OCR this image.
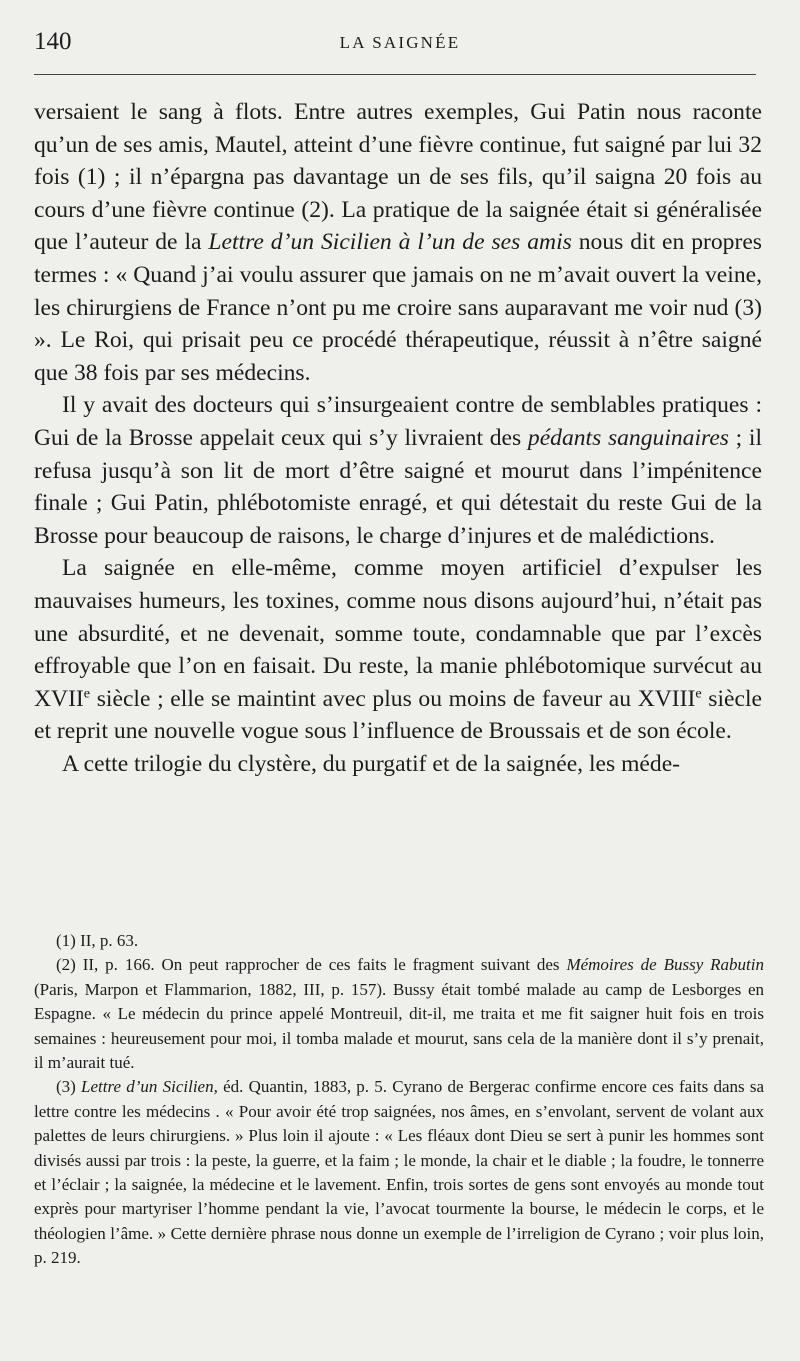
140	LA SAIGNÉE

versaient le sang à flots. Entre autres exemples, Gui Patin nous raconte qu’un de ses amis, Mautel, atteint d’une fièvre continue, fut saigné par lui 32 fois (1) ; il n’épargna pas davantage un de ses fils, qu’il saigna 20 fois au cours d’une fièvre continue (2). La pratique de la saignée était si généralisée que l’auteur de la Lettre d’un Sicilien à l’un de ses amis nous dit en propres termes : « Quand j’ai voulu assurer que jamais on ne m’avait ouvert la veine, les chirurgiens de France n’ont pu me croire sans auparavant me voir nud (3) ». Le Roi, qui prisait peu ce procédé thérapeutique, réussit à n’être saigné que 38 fois par ses médecins.

Il y avait des docteurs qui s’insurgeaient contre de semblables pratiques : Gui de la Brosse appelait ceux qui s’y livraient des pédants sanguinaires ; il refusa jusqu’à son lit de mort d’être saigné et mourut dans l’impénitence finale ; Gui Patin, phlébotomiste enragé, et qui détestait du reste Gui de la Brosse pour beaucoup de raisons, le charge d’injures et de malédictions.

La saignée en elle-même, comme moyen artificiel d’expulser les mauvaises humeurs, les toxines, comme nous disons aujourd’hui, n’était pas une absurdité, et ne devenait, somme toute, condamnable que par l’excès effroyable que l’on en faisait. Du reste, la manie phlébotomique survécut au XVIIe siècle ; elle se maintint avec plus ou moins de faveur au XVIIIe siècle et reprit une nouvelle vogue sous l’influence de Broussais et de son école.

A cette trilogie du clystère, du purgatif et de la saignée, les méde-

(1) II, p. 63.

(2) II, p. 166. On peut rapprocher de ces faits le fragment suivant des Mémoires de Bussy Rabutin (Paris, Marpon et Flammarion, 1882, III, p. 157). Bussy était tombé malade au camp de Lesborges en Espagne. « Le médecin du prince appelé Montreuil, dit-il, me traita et me fit saigner huit fois en trois semaines : heureusement pour moi, il tomba malade et mourut, sans cela de la manière dont il s’y prenait, il m’aurait tué.

(3) Lettre d’un Sicilien, éd. Quantin, 1883, p. 5. Cyrano de Bergerac confirme encore ces faits dans sa lettre contre les médecins . « Pour avoir été trop saignées, nos âmes, en s’envolant, servent de volant aux palettes de leurs chirurgiens. » Plus loin il ajoute : « Les fléaux dont Dieu se sert à punir les hommes sont divisés aussi par trois : la peste, la guerre, et la faim ; le monde, la chair et le diable ; la foudre, le tonnerre et l’éclair ; la saignée, la médecine et le lavement. Enfin, trois sortes de gens sont envoyés au monde tout exprès pour martyriser l’homme pendant la vie, l’avocat tourmente la bourse, le médecin le corps, et le théologien l’âme. » Cette dernière phrase nous donne un exemple de l’irreligion de Cyrano ; voir plus loin, p. 219.
